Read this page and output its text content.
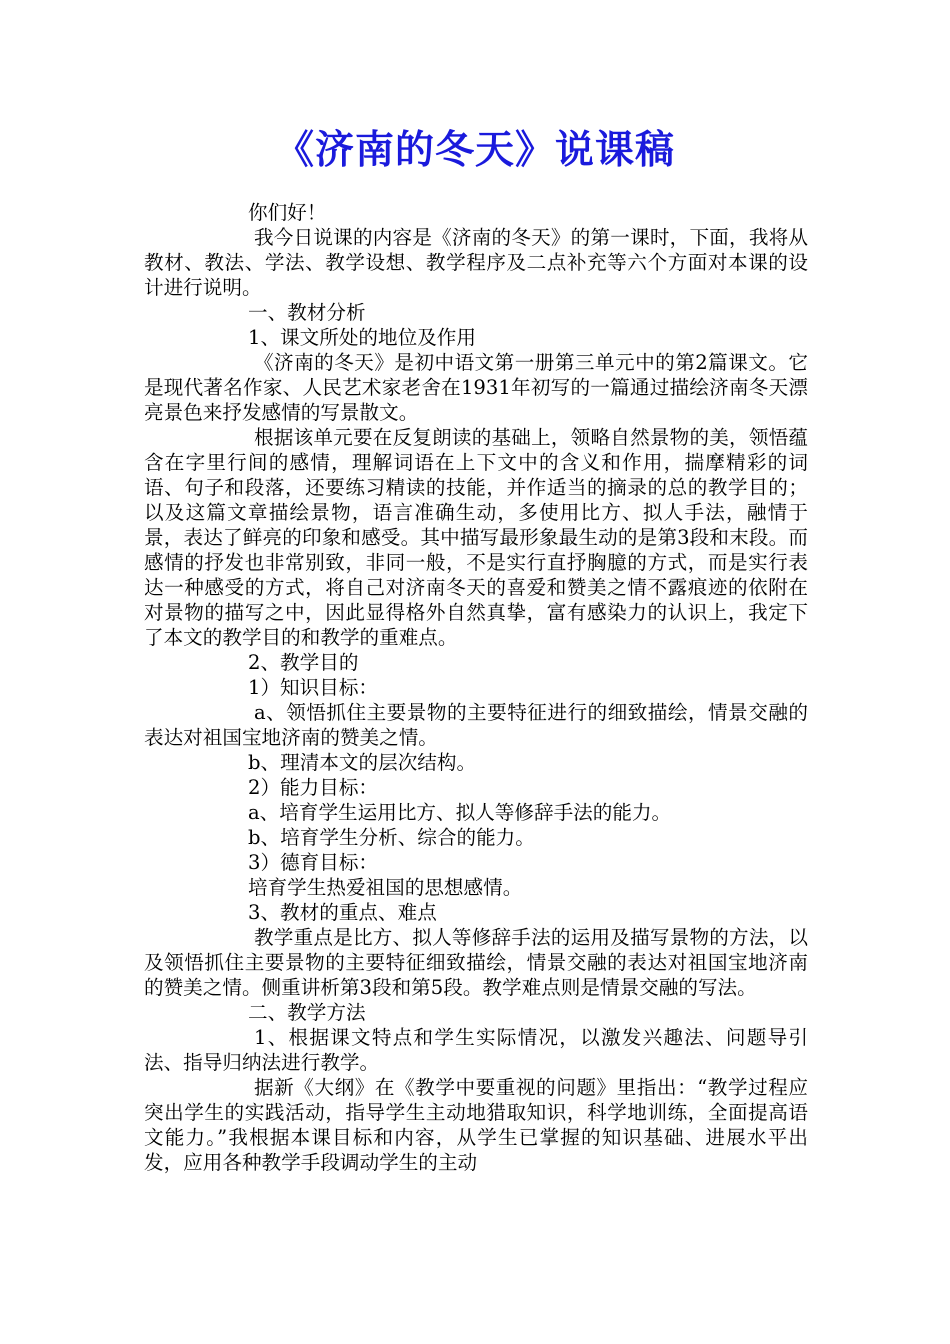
《济南的冬天》说课稿
你们好！
我今日说课的内容是《济南的冬天》的第一课时，下面，我将从教材、教法、学法、教学设想、教学程序及二点补充等六个方面对本课的设计进行说明。
一、教材分析
1、课文所处的地位及作用
《济南的冬天》是初中语文第一册第三单元中的第2篇课文。它是现代著名作家、人民艺术家老舍在1931年初写的一篇通过描绘济南冬天漂亮景色来抒发感情的写景散文。
根据该单元要在反复朗读的基础上，领略自然景物的美，领悟蕴含在字里行间的感情，理解词语在上下文中的含义和作用，揣摩精彩的词语、句子和段落，还要练习精读的技能，并作适当的摘录的总的教学目的；以及这篇文章描绘景物，语言准确生动，多使用比方、拟人手法，融情于景，表达了鲜亮的印象和感受。其中描写最形象最生动的是第3段和末段。而感情的抒发也非常别致，非同一般，不是实行直抒胸臆的方式，而是实行表达一种感受的方式，将自己对济南冬天的喜爱和赞美之情不露痕迹的依附在对景物的描写之中，因此显得格外自然真挚，富有感染力的认识上，我定下了本文的教学目的和教学的重难点。
2、教学目的
1）知识目标：
a、领悟抓住主要景物的主要特征进行的细致描绘，情景交融的表达对祖国宝地济南的赞美之情。
b、理清本文的层次结构。
2）能力目标：
a、培育学生运用比方、拟人等修辞手法的能力。
b、培育学生分析、综合的能力。
3）德育目标：
培育学生热爱祖国的思想感情。
3、教材的重点、难点
教学重点是比方、拟人等修辞手法的运用及描写景物的方法，以及领悟抓住主要景物的主要特征细致描绘，情景交融的表达对祖国宝地济南的赞美之情。侧重讲析第3段和第5段。教学难点则是情景交融的写法。
二、教学方法
1、根据课文特点和学生实际情况，以激发兴趣法、问题导引法、指导归纳法进行教学。
据新《大纲》在《教学中要重视的问题》里指出：“教学过程应突出学生的实践活动，指导学生主动地猎取知识，科学地训练，全面提高语文能力。”我根据本课目标和内容，从学生已掌握的知识基础、进展水平出发，应用各种教学手段调动学生的主动
